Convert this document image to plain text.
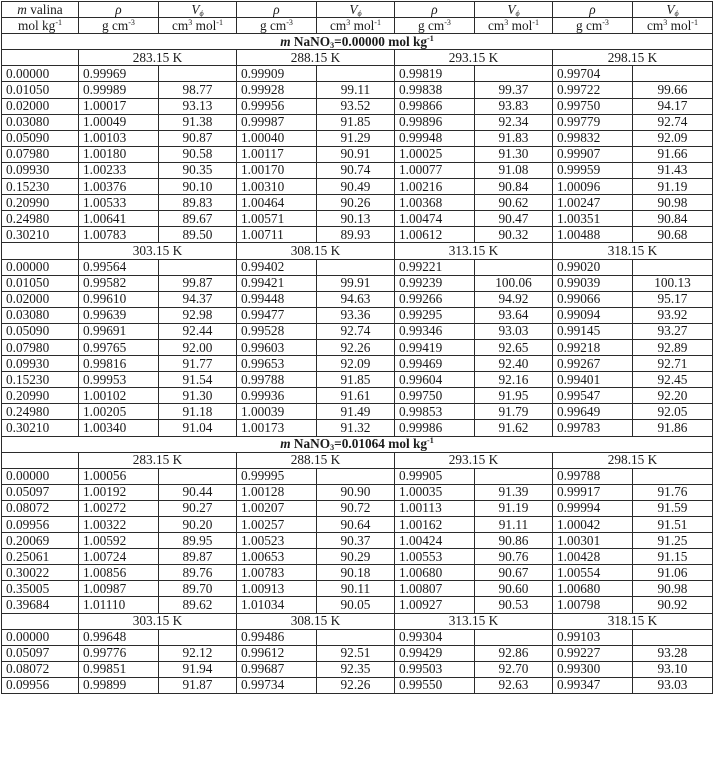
m valina	ρ	$V_\phi$	ρ	$V_\phi$	ρ	$V_\phi$	ρ	$V_\phi$
mol $kg^{-1}$	g $cm^{-3}$	$cm^3$ mol$^{-1}$	g $cm^{-3}$	$cm^3$ mol$^{-1}$	g $cm^{-3}$	$cm^3$ mol$^{-1}$	g $cm^{-3}$	$cm^3$ mol$^{-1}$
m NaNO$_3$=0.00000 mol $kg^{-1}$
	283.15 K		288.15 K		293.15 K		298.15 K	
0.00000	0.99969		0.99909		0.99819		0.99704	
0.01050	0.99989	98.77	0.99928	99.11	0.99838	99.37	0.99722	99.66
0.02000	1.00017	93.13	0.99956	93.52	0.99866	93.83	0.99750	94.17
0.03080	1.00049	91.38	0.99987	91.85	0.99896	92.34	0.99779	92.74
0.05090	1.00103	90.87	1.00040	91.29	0.99948	91.83	0.99832	92.09
0.07980	1.00180	90.58	1.00117	90.91	1.00025	91.30	0.99907	91.66
0.09930	1.00233	90.35	1.00170	90.74	1.00077	91.08	0.99959	91.43
0.15230	1.00376	90.10	1.00310	90.49	1.00216	90.84	1.00096	91.19
0.20990	1.00533	89.83	1.00464	90.26	1.00368	90.62	1.00247	90.98
0.24980	1.00641	89.67	1.00571	90.13	1.00474	90.47	1.00351	90.84
0.30210	1.00783	89.50	1.00711	89.93	1.00612	90.32	1.00488	90.68
	303.15 K		308.15 K		313.15 K		318.15 K	
0.00000	0.99564		0.99402		0.99221		0.99020	
0.01050	0.99582	99.87	0.99421	99.91	0.99239	100.06	0.99039	100.13
0.02000	0.99610	94.37	0.99448	94.63	0.99266	94.92	0.99066	95.17
0.03080	0.99639	92.98	0.99477	93.36	0.99295	93.64	0.99094	93.92
0.05090	0.99691	92.44	0.99528	92.74	0.99346	93.03	0.99145	93.27
0.07980	0.99765	92.00	0.99603	92.26	0.99419	92.65	0.99218	92.89
0.09930	0.99816	91.77	0.99653	92.09	0.99469	92.40	0.99267	92.71
0.15230	0.99953	91.54	0.99788	91.85	0.99604	92.16	0.99401	92.45
0.20990	1.00102	91.30	0.99936	91.61	0.99750	91.95	0.99547	92.20
0.24980	1.00205	91.18	1.00039	91.49	0.99853	91.79	0.99649	92.05
0.30210	1.00340	91.04	1.00173	91.32	0.99986	91.62	0.99783	91.86
m NaNO$_3$=0.01064 mol $kg^{-1}$
	283.15 K		288.15 K		293.15 K		298.15 K	
0.00000	1.00056		0.99995		0.99905		0.99788	
0.05097	1.00192	90.44	1.00128	90.90	1.00035	91.39	0.99917	91.76
0.08072	1.00272	90.27	1.00207	90.72	1.00113	91.19	0.99994	91.59
0.09956	1.00322	90.20	1.00257	90.64	1.00162	91.11	1.00042	91.51
0.20069	1.00592	89.95	1.00523	90.37	1.00424	90.86	1.00301	91.25
0.25061	1.00724	89.87	1.00653	90.29	1.00553	90.76	1.00428	91.15
0.30022	1.00856	89.76	1.00783	90.18	1.00680	90.67	1.00554	91.06
0.35005	1.00987	89.70	1.00913	90.11	1.00807	90.60	1.00680	90.98
0.39684	1.01110	89.62	1.01034	90.05	1.00927	90.53	1.00798	90.92
	303.15 K		308.15 K		313.15 K		318.15 K	
0.00000	0.99648		0.99486		0.99304		0.99103	
0.05097	0.99776	92.12	0.99612	92.51	0.99429	92.86	0.99227	93.28
0.08072	0.99851	91.94	0.99687	92.35	0.99503	92.70	0.99300	93.10
0.09956	0.99899	91.87	0.99734	92.26	0.99550	92.63	0.99347	93.03
